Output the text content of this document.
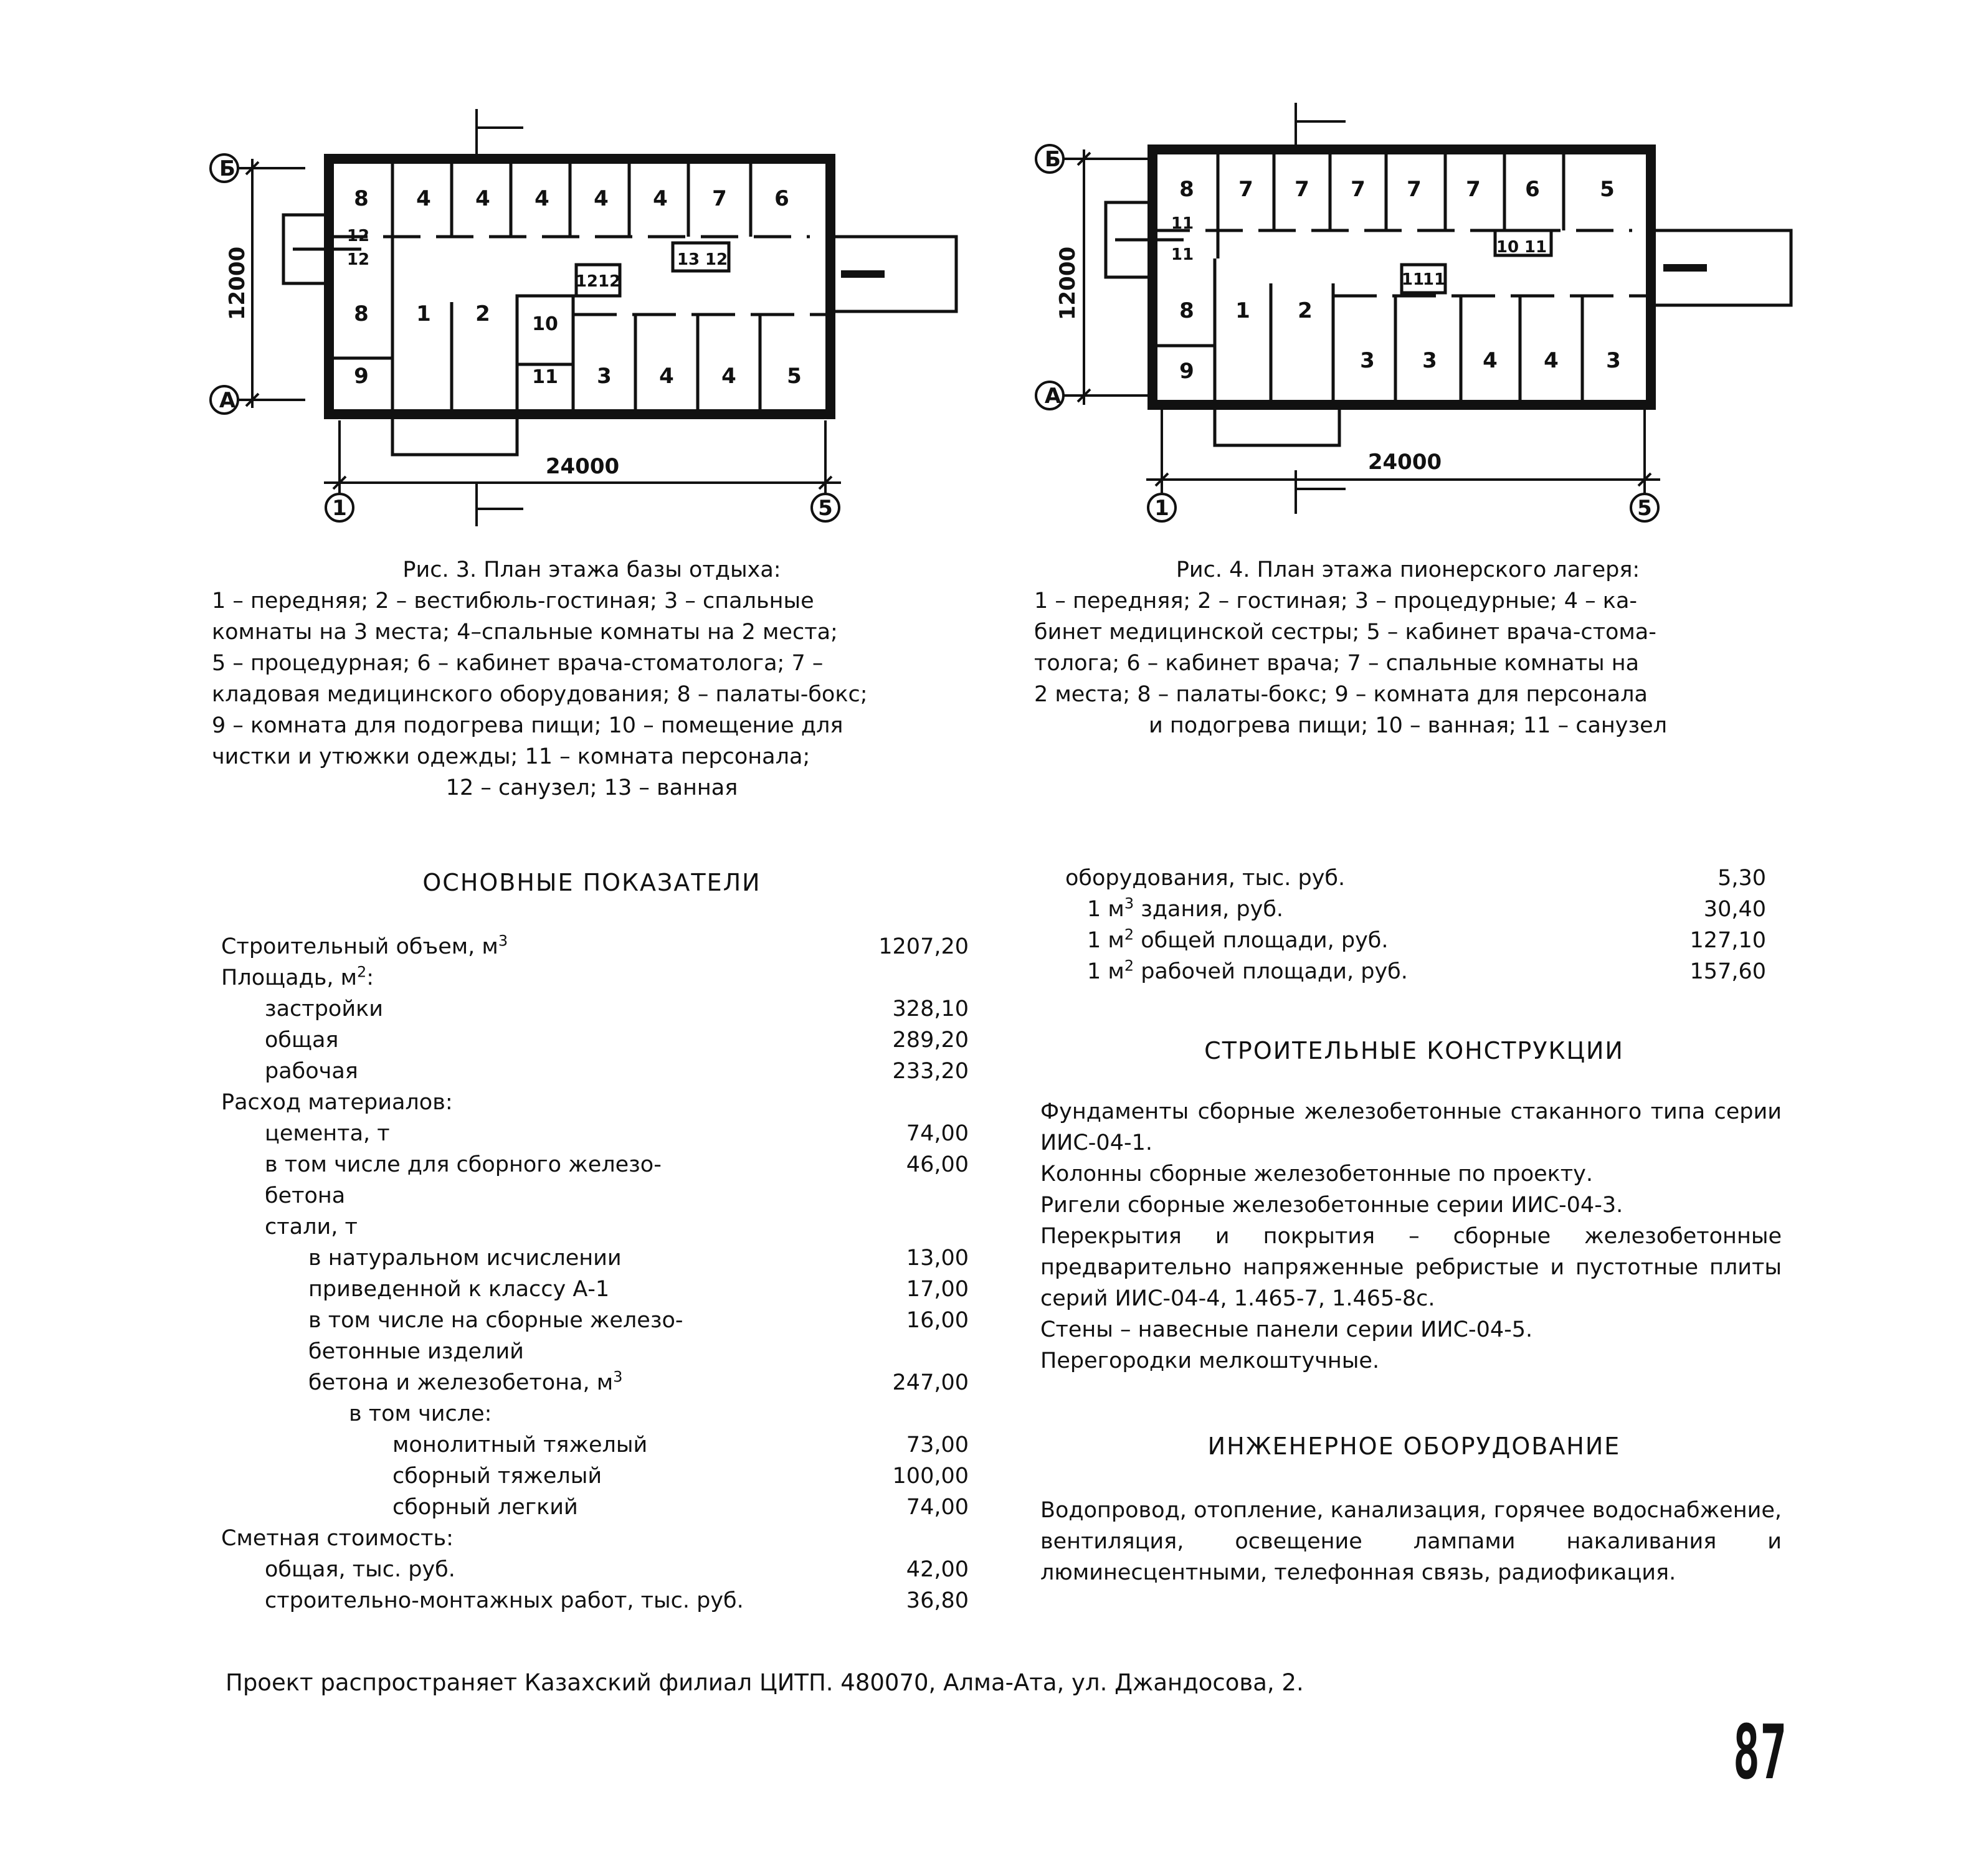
Б
А
1	5
12000
24000
8 4 4 4 4 4 7 6
12
12
8 1 2 10
1212
13 12
9	11 3 4 4 5
Рис. 3. План этажа базы отдыха:
1 – передняя; 2 – вестибюль-гостиная; 3 – спальные
комнаты на 3 места; 4–спальные комнаты на 2 места;
5 – процедурная; 6 – кабинет врача-стоматолога; 7 –
кладовая медицинского оборудования; 8 – палаты-бокс;
9 – комната для подогрева пищи; 10 – помещение для
чистки и утюжки одежды; 11 – комната персонала;
12 – санузел; 13 – ванная
Б
А
1	5
12000
24000
8 7 7 7 7 7 6	5
11
11	10 11
8 1 2
11
11
9	3 3 4 4 3
Рис. 4. План этажа пионерского лагеря:
1 – передняя; 2 – гостиная; 3 – процедурные; 4 – ка-
бинет медицинской сестры; 5 – кабинет врача-стома-
толога; 6 – кабинет врача; 7 – спальные комнаты на
2 места; 8 – палаты-бокс; 9 – комната для персонала
и подогрева пищи; 10 – ванная; 11 – санузел
ОСНОВНЫЕ ПОКАЗАТЕЛИ
Строительный объем, $м^3$	1207,20
Площадь, $м^2$:
застройки	328,10
общая	289,20
рабочая	233,20
Расход материалов:
цемента, т	74,00
в том числе для сборного железо-	46,00
бетона
стали, т
в натуральном исчислении	13,00
приведенной к классу А-1	17,00
в том числе на сборные железо-	16,00
бетонные изделий
бетона и железобетона, $м^3$	247,00
в том числе:
монолитный тяжелый	73,00
сборный тяжелый	100,00
сборный легкий	74,00
Сметная стоимость:
общая, тыс. руб.	42,00
строительно-монтажных работ, тыс. руб.	36,80
оборудования, тыс. руб.	5,30
1 $м^3$ здания, руб.	30,40
1 $м^2$ общей площади, руб.	127,10
1 $м^2$ рабочей площади, руб.	157,60
СТРОИТЕЛЬНЫЕ КОНСТРУКЦИИ

Фундаменты сборные железобетонные стаканного типа серии ИИС-04-1.

Колонны сборные железобетонные по проекту.

Ригели сборные железобетонные серии ИИС-04-3.

Перекрытия и покрытия – сборные железобетонные предварительно напряженные ребристые и пустотные плиты серий ИИС-04-4, 1.465-7, 1.465-8с.

Стены – навесные панели серии ИИС-04-5.

Перегородки мелкоштучные.

ИНЖЕНЕРНОЕ ОБОРУДОВАНИЕ

Водопровод, отопление, канализация, горячее водоснабжение, вентиляция, освещение лампами накаливания и люминесцентными, телефонная связь, радиофикация.

Проект распространяет Казахский филиал ЦИТП. 480070, Алма-Ата, ул. Джандосова, 2.
87
